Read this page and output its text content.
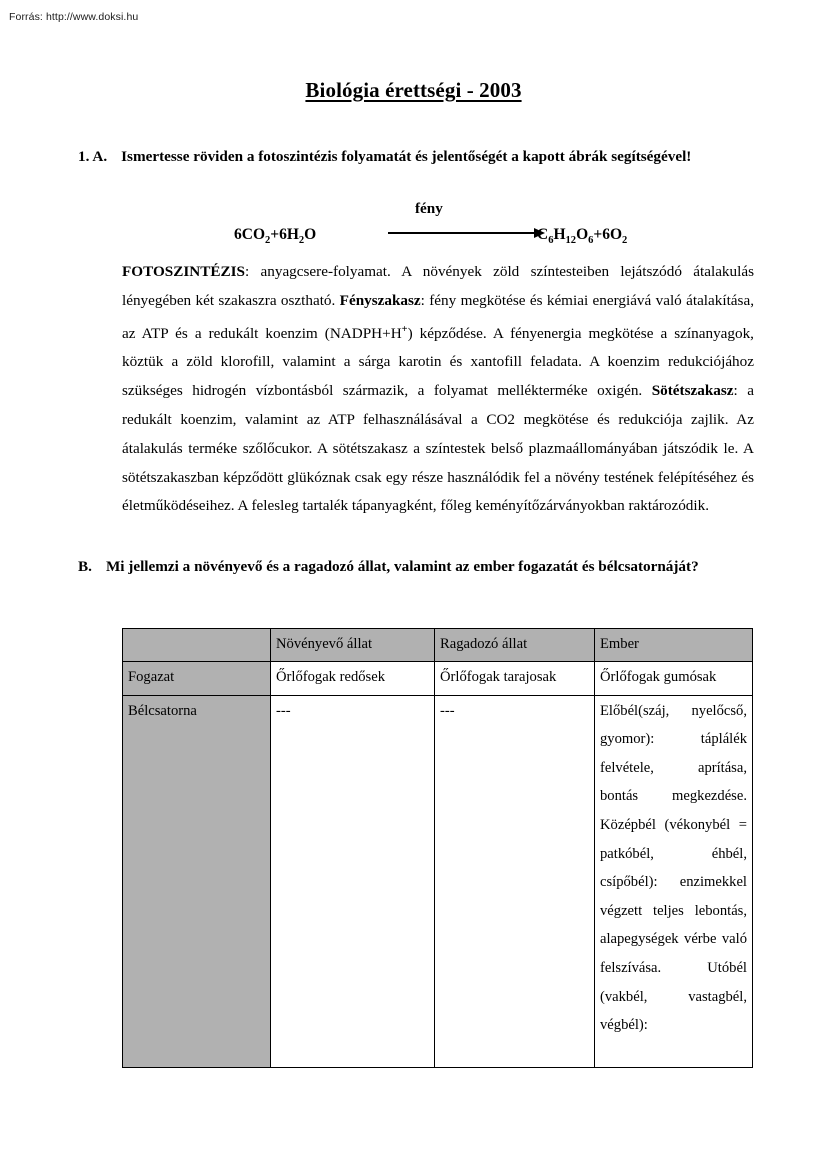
Forrás: http://www.doksi.hu
Biológia érettségi - 2003
1. A. Ismertesse röviden a fotoszintézis folyamatát és jelentőségét a kapott ábrák segítségével!
$6CO_2+6H_2O$
fény
$C_6H_{12}O_6+6O_2$
FOTOSZINTÉZIS: anyagcsere-folyamat. A növények zöld színtesteiben lejátszódó átalakulás lényegében két szakaszra osztható. Fényszakasz: fény megkötése és kémiai energiává való átalakítása, az ATP és a redukált koenzim (NADPH+H+) képződése. A fényenergia megkötése a színanyagok, köztük a zöld klorofill, valamint a sárga karotin és xantofill feladata. A koenzim redukciójához szükséges hidrogén vízbontásból származik, a folyamat mellékterméke oxigén. Sötétszakasz: a redukált koenzim, valamint az ATP felhasználásával a CO2 megkötése és redukciója zajlik. Az átalakulás terméke szőlőcukor. A sötétszakasz a színtestek belső plazmaállományában játszódik le. A sötétszakaszban képződött glükóznak csak egy része használódik fel a növény testének felépítéséhez és életműködéseihez. A felesleg tartalék tápanyagként, főleg keményítőzárványokban raktározódik.
B. Mi jellemzi a növényevő és a ragadozó állat, valamint az ember fogazatát és bélcsatornáját?
	Növényevő állat	Ragadozó állat	Ember
Fogazat	Őrlőfogak redősek	Őrlőfogak tarajosak	Őrlőfogak gumósak
Bélcsatorna	---	---	Előbél(száj, nyelőcső, gyomor): táplálék felvétele, aprítása, bontás megkezdése. Középbél (vékonybél = patkóbél, éhbél, csípőbél): enzimekkel végzett teljes lebontás, alapegységek vérbe való felszívása. Utóbél (vakbél, vastagbél, végbél):
